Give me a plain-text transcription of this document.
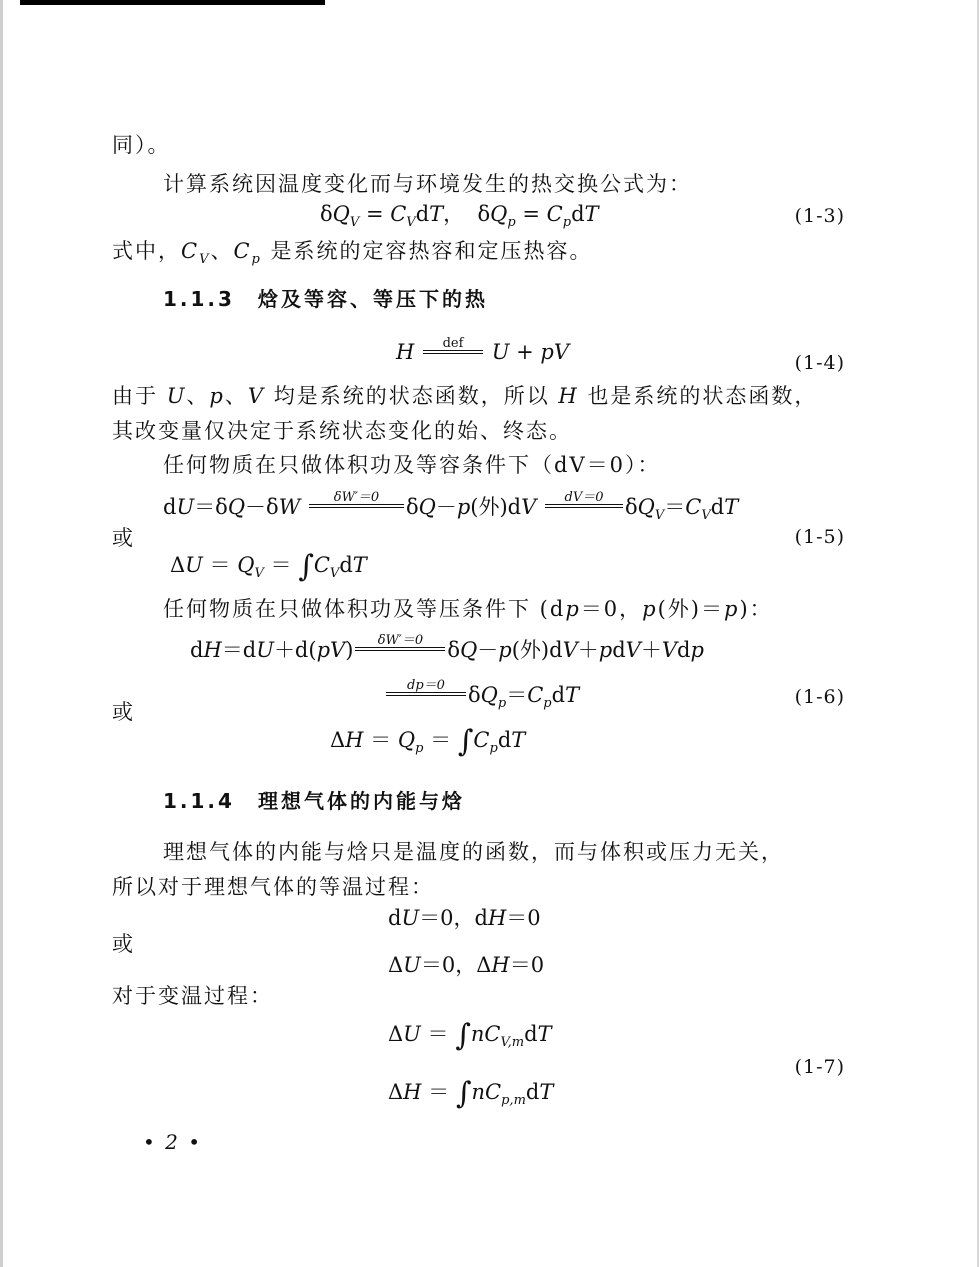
同）。
计算系统因温度变化而与环境发生的热交换公式为：
$\delta Q_V = C_VdT$，  $\delta Q_p = C_pdT$	(1-3)
式中，$C_V$、$C_p$ 是系统的定容热容和定压热容。
1.1.3　焓及等容、等压下的热
H	def	U + pV	(1-4)
由于 U、p、V 均是系统的状态函数，所以 H 也是系统的状态函数，
其改变量仅决定于系统状态变化的始、终态。
任何物质在只做体积功及等容条件下（dV＝0）：
dU＝δQ－δW	δW′＝0	δQ－p(外)dV	dV＝0	$\delta Q_V=C_VdT$
或	(1-5)
$\Delta U = Q_V = \int C_VdT$
任何物质在只做体积功及等压条件下 (dp＝0，p(外)＝p)：
dH＝dU＋d(pV)	δW′＝0	δQ－p(外)dV＋pdV＋Vdp
dp＝0	$\delta Q_p=C_pdT$	(1-6)
或
$\Delta H = Q_p = \int C_pdT$
1.1.4　理想气体的内能与焓
理想气体的内能与焓只是温度的函数，而与体积或压力无关，
所以对于理想气体的等温过程：
dU＝0，dH＝0
或
ΔU＝0，ΔH＝0
对于变温过程：
$\Delta U = \int nC_{V,m}dT$
(1-7)
$\Delta H = \int nC_{p,m}dT$
• 2 •
